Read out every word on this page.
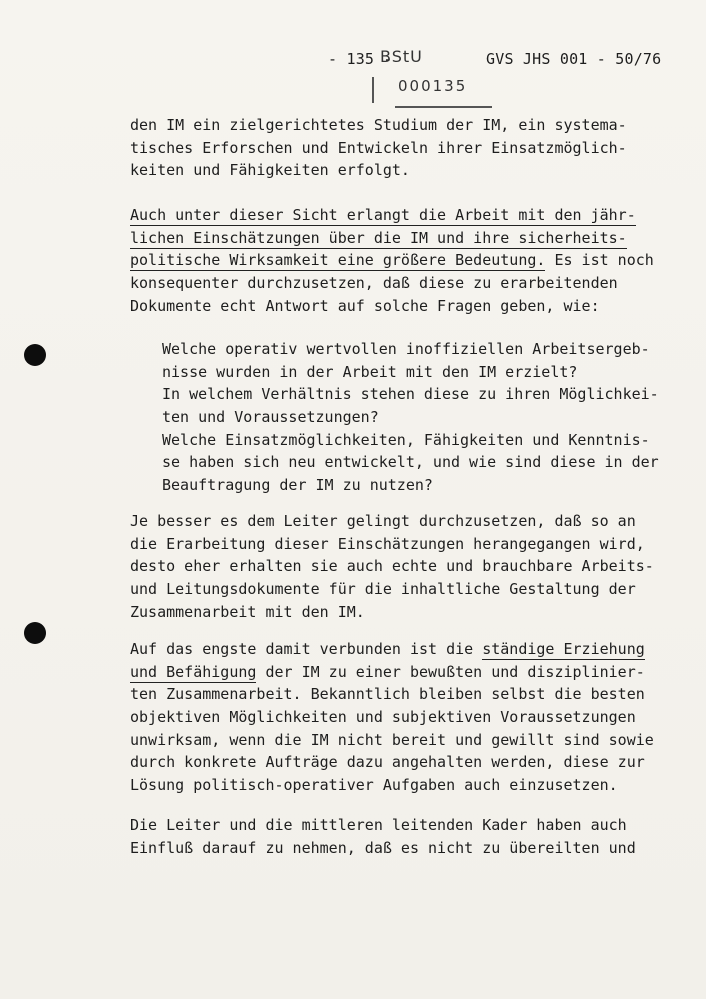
- 135 -	GVS JHS 001 - 50/76
BStU
000135
den IM ein zielgerichtetes Studium der IM, ein systema-
tisches Erforschen und Entwickeln ihrer Einsatzmöglich-
keiten und Fähigkeiten erfolgt.
Auch unter dieser Sicht erlangt die Arbeit mit den jähr-
lichen Einschätzungen über die IM und ihre sicherheits-
politische Wirksamkeit eine größere Bedeutung. Es ist noch
konsequenter durchzusetzen, daß diese zu erarbeitenden
Dokumente echt Antwort auf solche Fragen geben, wie:
Welche operativ wertvollen inoffiziellen Arbeitsergeb-
nisse wurden in der Arbeit mit den IM erzielt?
In welchem Verhältnis stehen diese zu ihren Möglichkei-
ten und Voraussetzungen?
Welche Einsatzmöglichkeiten, Fähigkeiten und Kenntnis-
se haben sich neu entwickelt, und wie sind diese in der
Beauftragung der IM zu nutzen?
Je besser es dem Leiter gelingt durchzusetzen, daß so an
die Erarbeitung dieser Einschätzungen herangegangen wird,
desto eher erhalten sie auch echte und brauchbare Arbeits-
und Leitungsdokumente für die inhaltliche Gestaltung der
Zusammenarbeit mit den IM.
Auf das engste damit verbunden ist die ständige Erziehung
und Befähigung der IM zu einer bewußten und disziplinier-
ten Zusammenarbeit. Bekanntlich bleiben selbst die besten
objektiven Möglichkeiten und subjektiven Voraussetzungen
unwirksam, wenn die IM nicht bereit und gewillt sind sowie
durch konkrete Aufträge dazu angehalten werden, diese zur
Lösung politisch-operativer Aufgaben auch einzusetzen.
Die Leiter und die mittleren leitenden Kader haben auch
Einfluß darauf zu nehmen, daß es nicht zu übereilten und
